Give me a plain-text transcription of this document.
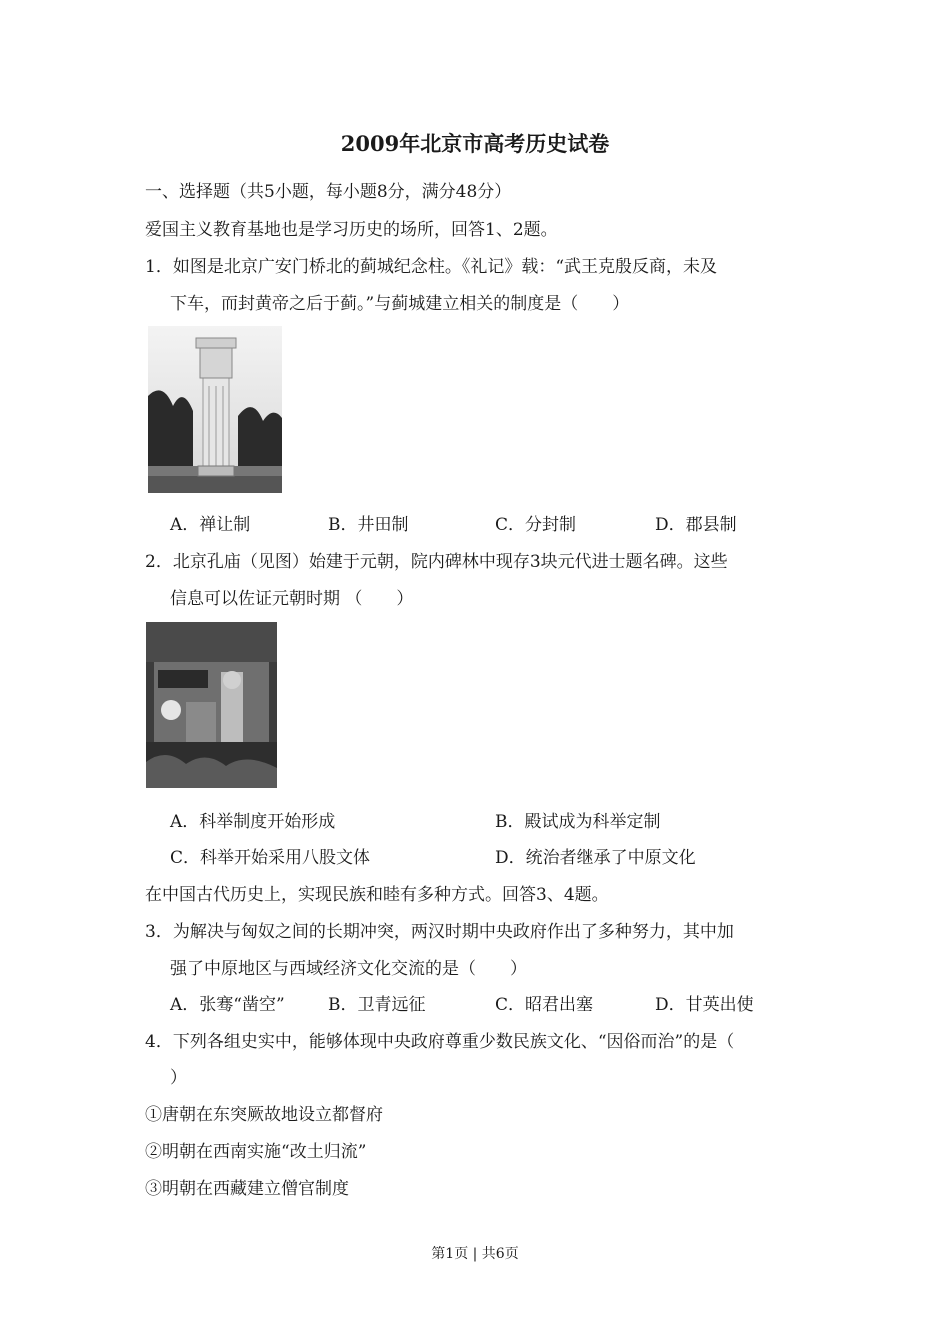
2009年北京市高考历史试卷
一、选择题（共5小题，每小题8分，满分48分）
爱国主义教育基地也是学习历史的场所，回答1、2题。
1．如图是北京广安门桥北的蓟城纪念柱。《礼记》载：“武王克殷反商，未及
下车，而封黄帝之后于蓟。”与蓟城建立相关的制度是（　　）
A．禅让制	B．井田制	C．分封制	D．郡县制
2．北京孔庙（见图）始建于元朝，院内碑林中现存3块元代进士题名碑。这些
信息可以佐证元朝时期 （　　）
A．科举制度开始形成	B．殿试成为科举定制
C．科举开始采用八股文体	D．统治者继承了中原文化
在中国古代历史上，实现民族和睦有多种方式。回答3、4题。
3．为解决与匈奴之间的长期冲突，两汉时期中央政府作出了多种努力，其中加
强了中原地区与西域经济文化交流的是（　　）
A．张骞“凿空”	B．卫青远征	C．昭君出塞	D．甘英出使
4．下列各组史实中，能够体现中央政府尊重少数民族文化、“因俗而治”的是（
）
①唐朝在东突厥故地设立都督府
②明朝在西南实施“改土归流”
③明朝在西藏建立僧官制度
第1页 | 共6页
